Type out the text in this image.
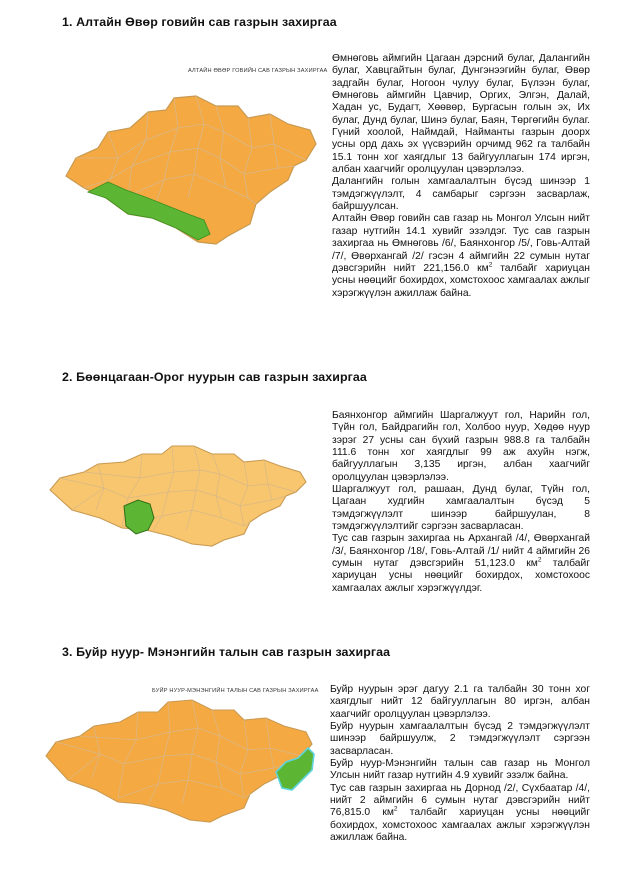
1. Алтайн Өвөр говийн сав газрын захиргаа
АЛТАЙН ӨВӨР ГОВИЙН САВ ГАЗРЫН ЗАХИРГАА

Өмнөговь аймгийн Цагаан дэрсний булаг, Далангийн булаг, Хавцгайтын булаг, Дунгэнээгийн булаг, Өвөр задгайн булаг, Ногоон чулуу булаг, Бүлээн булаг, Өмнөговь аймгийн Цавчир, Оргих, Элгэн, Далай, Хадан ус, Будагт, Хөөвөр, Бургасын голын эх, Их булаг, Дунд булаг, Шинэ булаг, Баян, Төргөгийн булаг. Гүний хоолой, Наймдай, Найманты газрын доорх усны орд дахь эх үүсвэрийн орчимд 962 га талбайн 15.1 тонн хог хаягдлыг 13 байгууллагын 174 иргэн, албан хаагчийг оролцуулан цэвэрлэлээ.

Далангийн голын хамгаалалтын бүсэд шинээр 1 тэмдэгжүүлэлт, 4 самбарыг сэргээн засварлаж, байршуулсан.

Алтайн Өвөр говийн сав газар нь Монгол Улсын нийт газар нутгийн 14.1 хувийг эзэлдэг. Тус сав газрын захиргаа нь Өмнөговь /6/, Баянхонгор /5/, Говь-Алтай /7/, Өвөрхангай /2/ гэсэн 4 аймгийн 22 сумын нутаг дэвсгэрийн нийт 221,156.0 $км^2$ талбайг хариуцан усны нөөцийг бохирдох, хомстохоос хамгаалах ажлыг хэрэгжүүлэн ажиллаж байна.

2. Бөөнцагаан-Орог нуурын сав газрын захиргаа

Баянхонгор аймгийн Шаргалжуут гол, Нарийн гол, Түйн гол, Байдрагийн гол, Холбоо нуур, Хөдөө нуур зэрэг 27 усны сан бүхий газрын 988.8 га талбайн 111.6 тонн хог хаягдлыг 99 аж ахуйн нэгж, байгууллагын 3,135 иргэн, албан хаагчийг оролцуулан цэвэрлэлээ.

Шаргалжуут гол, рашаан, Дунд булаг, Түйн гол, Цагаан худгийн хамгаалалтын бүсэд 5 тэмдэгжүүлэлт шинээр байршуулан, 8 тэмдэгжүүлэлтийг сэргээн засварласан.

Тус сав газрын захиргаа нь Архангай /4/, Өвөрхангай /3/, Баянхонгор /18/, Говь-Алтай /1/ нийт 4 аймгийн 26 сумын нутаг дэвсгэрийн 51,123.0 $км^2$ талбайг хариуцан усны нөөцийг бохирдох, хомстохоос хамгаалах ажлыг хэрэгжүүлдэг.

3. Буйр нуур- Мэнэнгийн талын сав газрын захиргаа
БУЙР НУУР-МЭНЭНГИЙН ТАЛЫН САВ ГАЗРЫН ЗАХИРГАА Буйр нуурын эрэг дагуу 2.1 га талбайн 30 тонн хог хаягдлыг нийт 12 байгууллагын 80 иргэн, албан хаагчийг оролцуулан цэвэрлэлээ.

Буйр нуурын хамгаалалтын бүсэд 2 тэмдэгжүүлэлт шинээр байршуулж, 2 тэмдэгжүүлэлт сэргээн засварласан.

Буйр нуур-Мэнэнгийн талын сав газар нь Монгол Улсын нийт газар нутгийн 4.9 хувийг эзэлж байна.

Тус сав газрын захиргаа нь Дорнод /2/, Сүхбаатар /4/, нийт 2 аймгийн 6 сумын нутаг дэвсгэрийн нийт 76,815.0 $км^2$ талбайг хариуцан усны нөөцийг бохирдох, хомстохоос хамгаалах ажлыг хэрэгжүүлэн ажиллаж байна.
